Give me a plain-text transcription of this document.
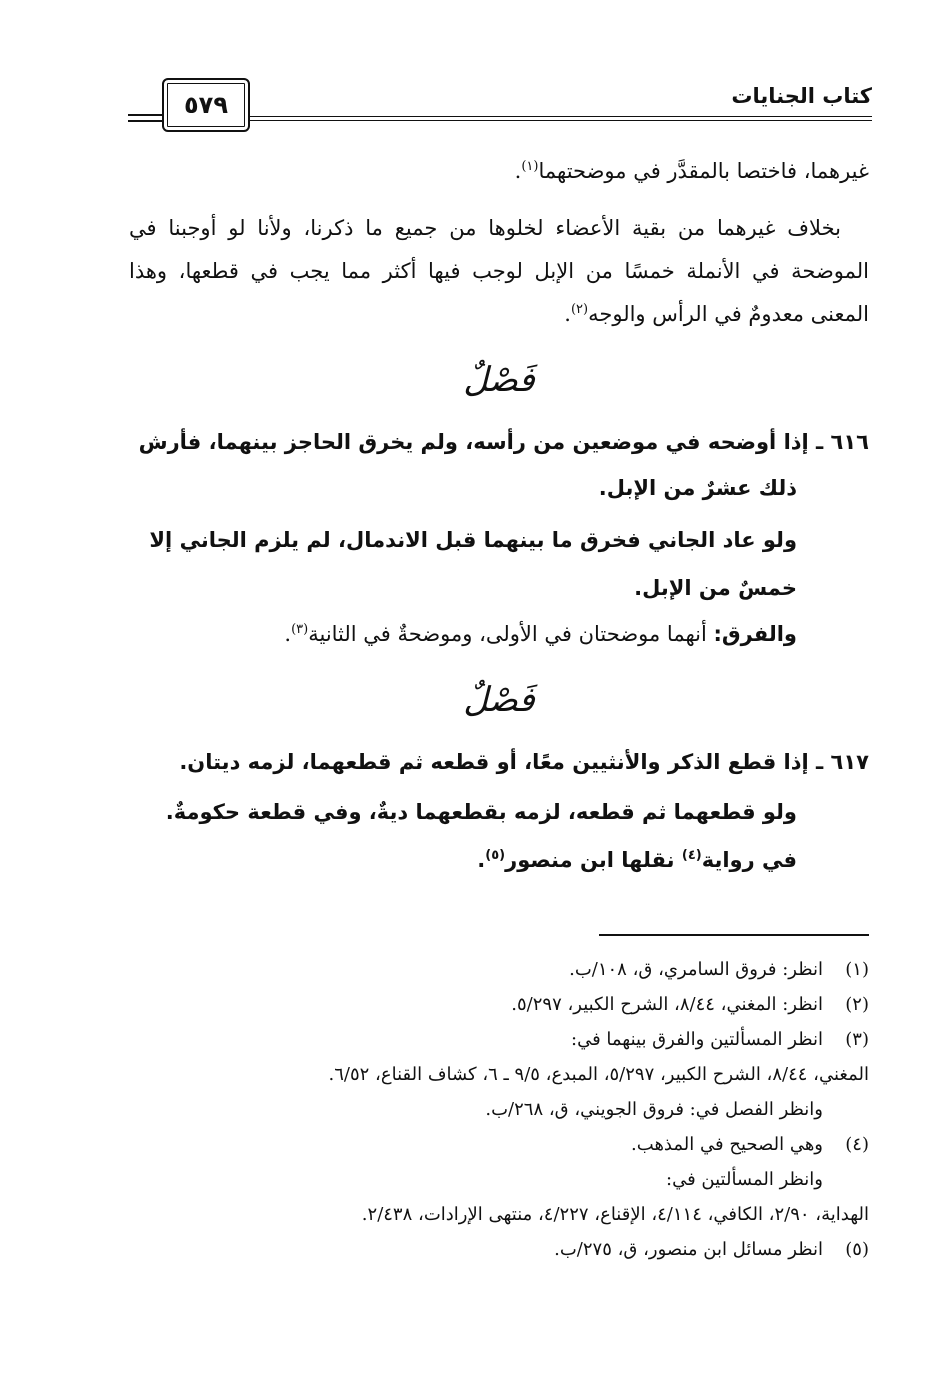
كتاب الجنايات
٥٧٩

غيرهما، فاختصا بالمقدَّر في موضحتهما$^{(١)}$.

بخلاف غيرهما من بقية الأعضاء لخلوها من جميع ما ذكرنا، ولأنا لو أوجبنا في الموضحة في الأنملة خمسًا من الإبل لوجب فيها أكثر مما يجب في قطعها، وهذا المعنى معدومٌ في الرأس والوجه$^{(٢)}$.

فَصْلٌ
٦١٦ ـ إذا أوضحه في موضعين من رأسه، ولم يخرق الحاجز بينهما، فأرش
ذلك عشرٌ من الإبل.
ولو عاد الجاني فخرق ما بينهما قبل الاندمال، لم يلزم الجاني إلا خمسٌ من الإبل.
والفرق: أنهما موضحتان في الأولى، وموضحةٌ في الثانية$^{(٣)}$.
فَصْلٌ
٦١٧ ـ إذا قطع الذكر والأنثيين معًا، أو قطعه ثم قطعهما، لزمه ديتان.
ولو قطعهما ثم قطعه، لزمه بقطعهما ديةٌ، وفي قطعة حكومةٌ. في رواية$^{(٤)}$ نقلها ابن منصور$^{(٥)}$.
(١)انظر: فروق السامري، ق، ١٠٨/ب.
(٢)انظر: المغني، ٨/٤٤، الشرح الكبير، ٥/٢٩٧.
(٣)انظر المسألتين والفرق بينهما في:
المغني، ٨/٤٤، الشرح الكبير، ٥/٢٩٧، المبدع، ٩/٥ ـ ٦، كشاف القناع، ٦/٥٢.
وانظر الفصل في: فروق الجويني، ق، ٢٦٨/ب.
(٤)وهي الصحيح في المذهب.
وانظر المسألتين في:
الهداية، ٢/٩٠، الكافي، ٤/١١٤، الإقناع، ٤/٢٢٧، منتهى الإرادات، ٢/٤٣٨.
(٥)انظر مسائل ابن منصور، ق، ٢٧٥/ب.
